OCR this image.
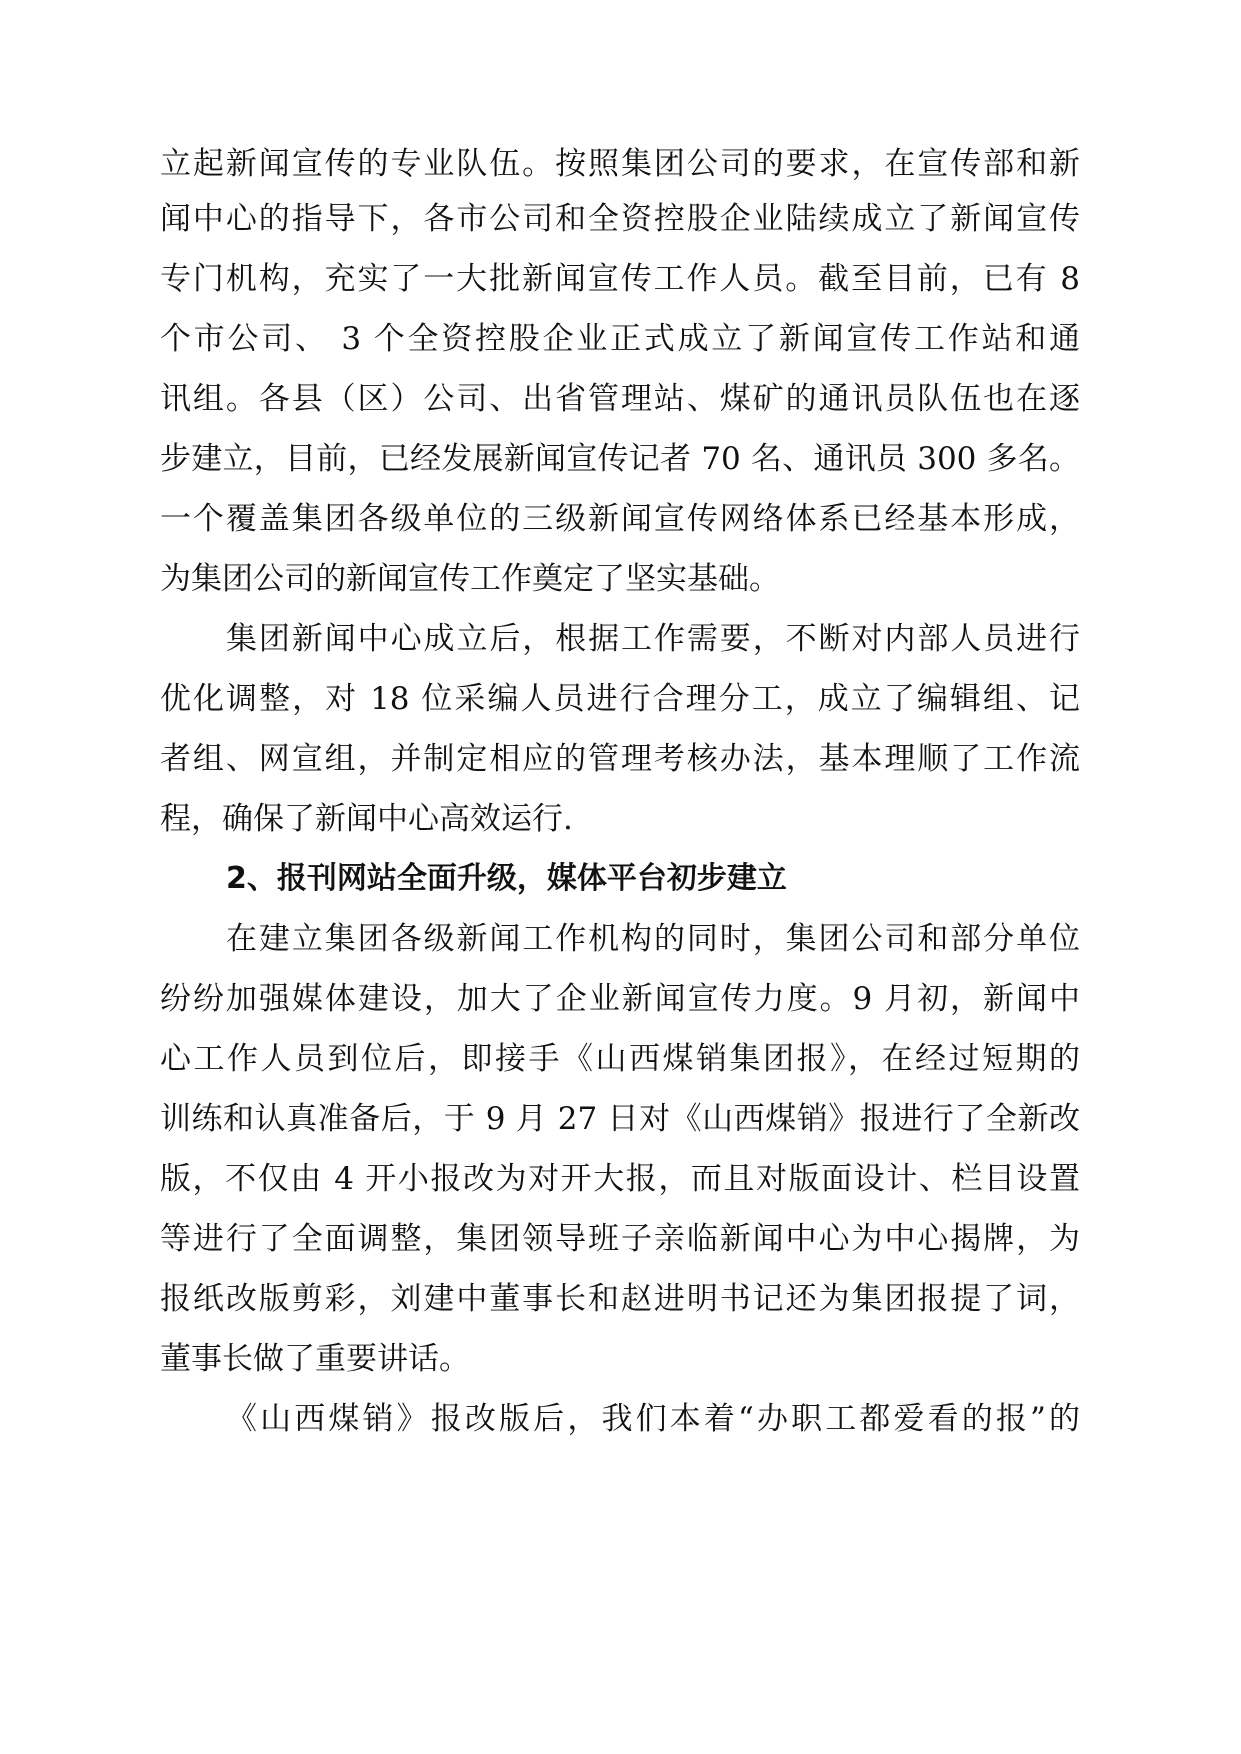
立起新闻宣传的专业队伍。按照集团公司的要求，在宣传部和新
闻中心的指导下，各市公司和全资控股企业陆续成立了新闻宣传
专门机构，充实了一大批新闻宣传工作人员。截至目前，已有 8
个市公司、 3 个全资控股企业正式成立了新闻宣传工作站和通
讯组。各县（区）公司、出省管理站、煤矿的通讯员队伍也在逐
步建立，目前，已经发展新闻宣传记者 70 名、通讯员 300 多名。
一个覆盖集团各级单位的三级新闻宣传网络体系已经基本形成，
为集团公司的新闻宣传工作奠定了坚实基础。
集团新闻中心成立后，根据工作需要，不断对内部人员进行
优化调整，对 18 位采编人员进行合理分工，成立了编辑组、记
者组、网宣组，并制定相应的管理考核办法，基本理顺了工作流
程，确保了新闻中心高效运行.
2、报刊网站全面升级，媒体平台初步建立
在建立集团各级新闻工作机构的同时，集团公司和部分单位
纷纷加强媒体建设，加大了企业新闻宣传力度。9 月初，新闻中
心工作人员到位后，即接手《山西煤销集团报》，在经过短期的
训练和认真准备后，于 9 月 27 日对《山西煤销》报进行了全新改
版，不仅由 4 开小报改为对开大报，而且对版面设计、栏目设置
等进行了全面调整，集团领导班子亲临新闻中心为中心揭牌，为
报纸改版剪彩，刘建中董事长和赵进明书记还为集团报提了词，
董事长做了重要讲话。
《山西煤销》报改版后，我们本着“办职工都爱看的报”的
